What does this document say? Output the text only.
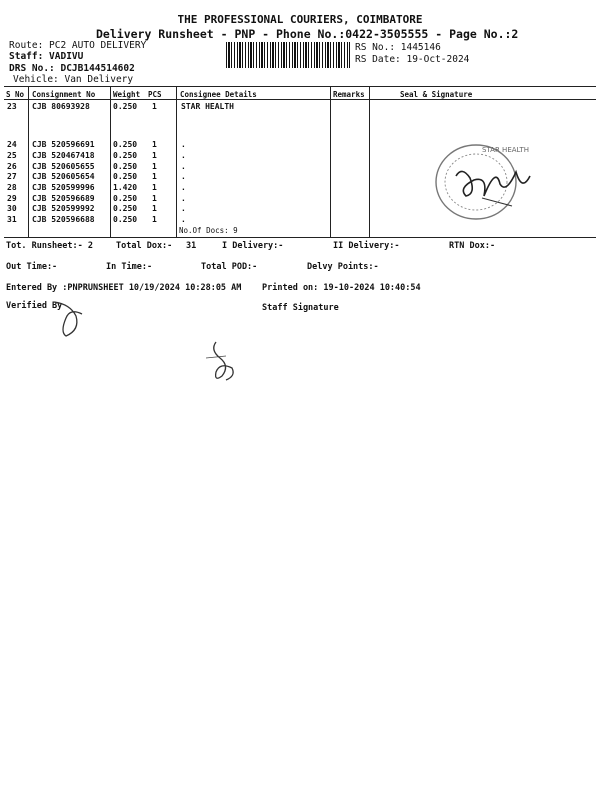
THE PROFESSIONAL COURIERS, COIMBATORE
Delivery Runsheet - PNP - Phone No.:0422-3505555 - Page No.:2
Route: PC2 AUTO DELIVERY
Staff: VADIVU
DRS No.: DCJB144514602
Vehicle: Van Delivery
RS No.: 1445146
RS Date: 19-Oct-2024
S No Consignment No Weight PCS Consignee Details	Remarks	Seal & Signature
23 CJB 80693928	0.250 1	STAR HEALTH
24 CJB 520596691 0.250 1	.
25 CJB 520467418 0.250 1	.
26 CJB 520605655 0.250 1	.
27 CJB 520605654 0.250 1	.
28 CJB 520599996 1.420 1	.
29 CJB 520596689 0.250 1	.
30 CJB 520599992 0.250 1	.
31 CJB 520596688 0.250 1	.
No.Of Docs: 9
STAR HEALTH
Tot. Runsheet:- 2	Total Dox:- 31	I Delivery:-	II Delivery:-	RTN Dox:-
Out Time:-	In Time:-	Total POD:-	Delvy Points:-
Entered By :PNPRUNSHEET 10/19/2024 10:28:05 AM Printed on: 19-10-2024 10:40:54
Verified By	Staff Signature
